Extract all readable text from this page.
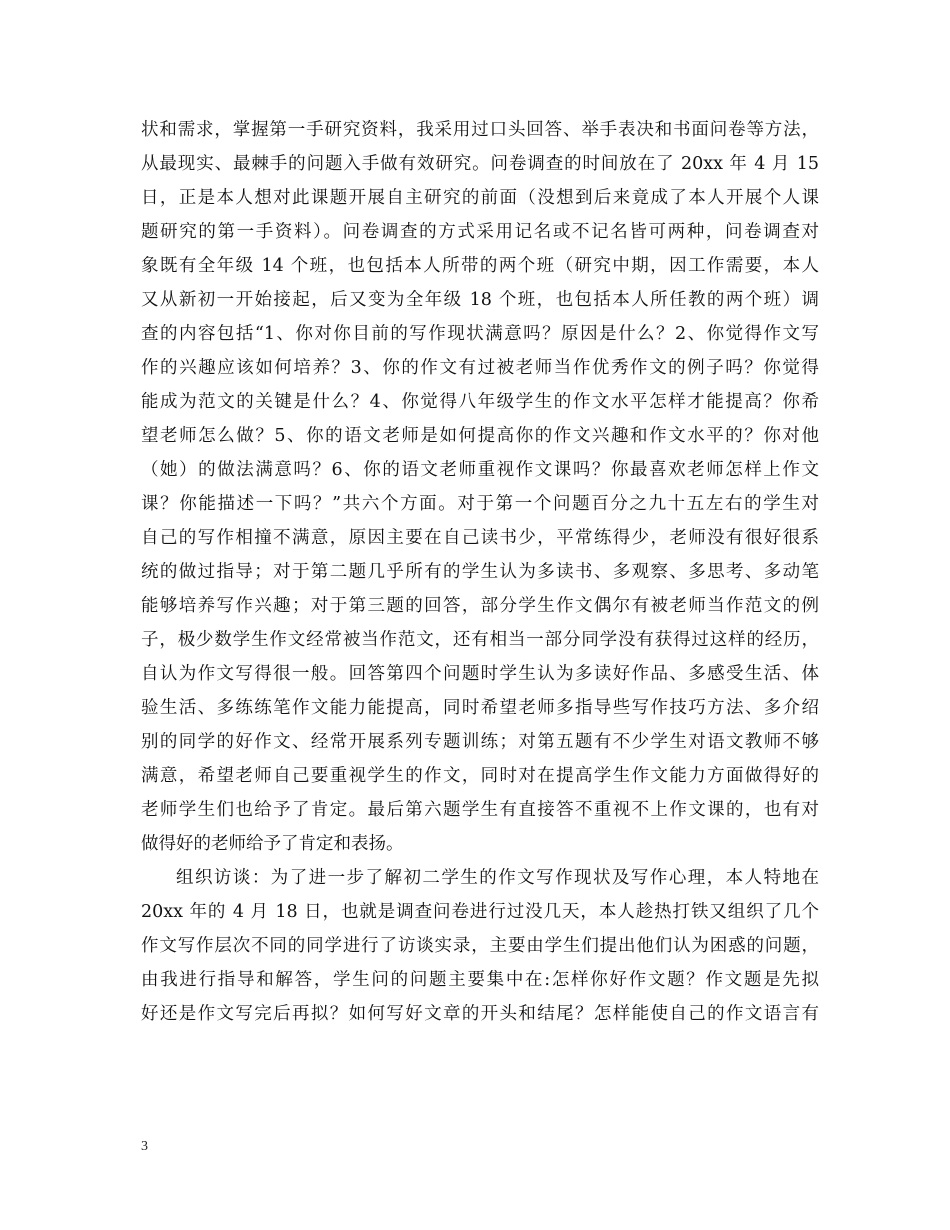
状和需求，掌握第一手研究资料，我采用过口头回答、举手表决和书面问卷等方法，
从最现实、最棘手的问题入手做有效研究。问卷调查的时间放在了 20xx 年 4 月 15
日，正是本人想对此课题开展自主研究的前面（没想到后来竟成了本人开展个人课
题研究的第一手资料）。问卷调查的方式采用记名或不记名皆可两种，问卷调查对
象既有全年级 14 个班，也包括本人所带的两个班（研究中期，因工作需要，本人
又从新初一开始接起，后又变为全年级 18 个班，也包括本人所任教的两个班）调
查的内容包括“1、你对你目前的写作现状满意吗？原因是什么？2、你觉得作文写
作的兴趣应该如何培养？3、你的作文有过被老师当作优秀作文的例子吗？你觉得
能成为范文的关键是什么？4、你觉得八年级学生的作文水平怎样才能提高？你希
望老师怎么做？5、你的语文老师是如何提高你的作文兴趣和作文水平的？你对他
（她）的做法满意吗？6、你的语文老师重视作文课吗？你最喜欢老师怎样上作文
课？你能描述一下吗？”共六个方面。对于第一个问题百分之九十五左右的学生对
自己的写作相撞不满意，原因主要在自己读书少，平常练得少，老师没有很好很系
统的做过指导；对于第二题几乎所有的学生认为多读书、多观察、多思考、多动笔
能够培养写作兴趣；对于第三题的回答，部分学生作文偶尔有被老师当作范文的例
子，极少数学生作文经常被当作范文，还有相当一部分同学没有获得过这样的经历，
自认为作文写得很一般。回答第四个问题时学生认为多读好作品、多感受生活、体
验生活、多练练笔作文能力能提高，同时希望老师多指导些写作技巧方法、多介绍
别的同学的好作文、经常开展系列专题训练；对第五题有不少学生对语文教师不够
满意，希望老师自己要重视学生的作文，同时对在提高学生作文能力方面做得好的
老师学生们也给予了肯定。最后第六题学生有直接答不重视不上作文课的，也有对
做得好的老师给予了肯定和表扬。
组织访谈：为了进一步了解初二学生的作文写作现状及写作心理，本人特地在
20xx 年的 4 月 18 日，也就是调查问卷进行过没几天，本人趁热打铁又组织了几个
作文写作层次不同的同学进行了访谈实录，主要由学生们提出他们认为困惑的问题，
由我进行指导和解答，学生问的问题主要集中在:怎样你好作文题？作文题是先拟
好还是作文写完后再拟？如何写好文章的开头和结尾？怎样能使自己的作文语言有
3
